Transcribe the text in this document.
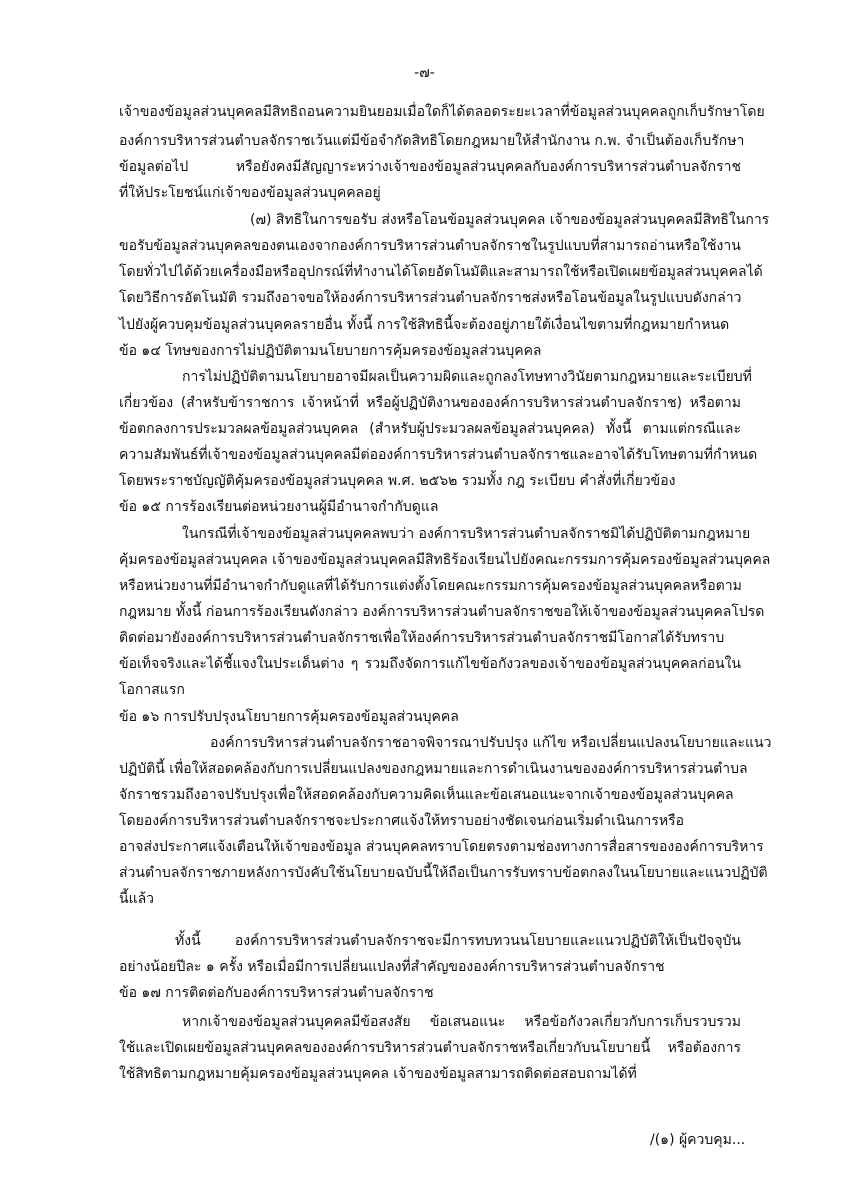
-๗-
เจ้าของข้อมูลส่วนบุคคลมีสิทธิถอนความยินยอมเมื่อใดก็ได้ตลอดระยะเวลาที่ข้อมูลส่วนบุคคลถูกเก็บรักษาโดย
องค์การบริหารส่วนตำบลจักราชเว้นแต่มีข้อจำกัดสิทธิโดยกฎหมายให้สำนักงาน ก.พ. จำเป็นต้องเก็บรักษา
ข้อมูลต่อไป หรือยังคงมีสัญญาระหว่างเจ้าของข้อมูลส่วนบุคคลกับองค์การบริหารส่วนตำบลจักราช
ที่ให้ประโยชน์แก่เจ้าของข้อมูลส่วนบุคคลอยู่
(๗) สิทธิในการขอรับ ส่งหรือโอนข้อมูลส่วนบุคคล เจ้าของข้อมูลส่วนบุคคลมีสิทธิในการ
ขอรับข้อมูลส่วนบุคคลของตนเองจากองค์การบริหารส่วนตำบลจักราชในรูปแบบที่สามารถอ่านหรือใช้งาน
โดยทั่วไปได้ด้วยเครื่องมือหรืออุปกรณ์ที่ทำงานได้โดยอัตโนมัติและสามารถใช้หรือเปิดเผยข้อมูลส่วนบุคคลได้
โดยวิธีการอัตโนมัติ รวมถึงอาจขอให้องค์การบริหารส่วนตำบลจักราชส่งหรือโอนข้อมูลในรูปแบบดังกล่าว
ไปยังผู้ควบคุมข้อมูลส่วนบุคคลรายอื่น ทั้งนี้ การใช้สิทธินี้จะต้องอยู่ภายใต้เงื่อนไขตามที่กฎหมายกำหนด
ข้อ ๑๔ โทษของการไม่ปฏิบัติตามนโยบายการคุ้มครองข้อมูลส่วนบุคคล
การไม่ปฏิบัติตามนโยบายอาจมีผลเป็นความผิดและถูกลงโทษทางวินัยตามกฎหมายและระเบียบที่
เกี่ยวข้อง (สำหรับข้าราชการ เจ้าหน้าที่ หรือผู้ปฏิบัติงานขององค์การบริหารส่วนตำบลจักราช) หรือตาม
ข้อตกลงการประมวลผลข้อมูลส่วนบุคคล (สำหรับผู้ประมวลผลข้อมูลส่วนบุคคล) ทั้งนี้ ตามแต่กรณีและ
ความสัมพันธ์ที่เจ้าของข้อมูลส่วนบุคคลมีต่อองค์การบริหารส่วนตำบลจักราชและอาจได้รับโทษตามที่กำหนด
โดยพระราชบัญญัติคุ้มครองข้อมูลส่วนบุคคล พ.ศ. ๒๕๖๒ รวมทั้ง กฎ ระเบียบ คำสั่งที่เกี่ยวข้อง
ข้อ ๑๕ การร้องเรียนต่อหน่วยงานผู้มีอำนาจกำกับดูแล
ในกรณีที่เจ้าของข้อมูลส่วนบุคคลพบว่า องค์การบริหารส่วนตำบลจักราชมิได้ปฏิบัติตามกฎหมาย
คุ้มครองข้อมูลส่วนบุคคล เจ้าของข้อมูลส่วนบุคคลมีสิทธิร้องเรียนไปยังคณะกรรมการคุ้มครองข้อมูลส่วนบุคคล
หรือหน่วยงานที่มีอำนาจกำกับดูแลที่ได้รับการแต่งตั้งโดยคณะกรรมการคุ้มครองข้อมูลส่วนบุคคลหรือตาม
กฎหมาย ทั้งนี้ ก่อนการร้องเรียนดังกล่าว องค์การบริหารส่วนตำบลจักราชขอให้เจ้าของข้อมูลส่วนบุคคลโปรด
ติดต่อมายังองค์การบริหารส่วนตำบลจักราชเพื่อให้องค์การบริหารส่วนตำบลจักราชมีโอกาสได้รับทราบ
ข้อเท็จจริงและได้ชี้แจงในประเด็นต่าง ๆ รวมถึงจัดการแก้ไขข้อกังวลของเจ้าของข้อมูลส่วนบุคคลก่อนใน
โอกาสแรก
ข้อ ๑๖ การปรับปรุงนโยบายการคุ้มครองข้อมูลส่วนบุคคล
องค์การบริหารส่วนตำบลจักราชอาจพิจารณาปรับปรุง แก้ไข หรือเปลี่ยนแปลงนโยบายและแนว
ปฏิบัตินี้ เพื่อให้สอดคล้องกับการเปลี่ยนแปลงของกฎหมายและการดำเนินงานขององค์การบริหารส่วนตำบล
จักราชรวมถึงอาจปรับปรุงเพื่อให้สอดคล้องกับความคิดเห็นและข้อเสนอแนะจากเจ้าของข้อมูลส่วนบุคคล
โดยองค์การบริหารส่วนตำบลจักราชจะประกาศแจ้งให้ทราบอย่างชัดเจนก่อนเริ่มดำเนินการหรือ
อาจส่งประกาศแจ้งเตือนให้เจ้าของข้อมูล ส่วนบุคคลทราบโดยตรงตามช่องทางการสื่อสารขององค์การบริหาร
ส่วนตำบลจักราชภายหลังการบังคับใช้นโยบายฉบับนี้ให้ถือเป็นการรับทราบข้อตกลงในนโยบายและแนวปฏิบัติ
นี้แล้ว
ทั้งนี้ องค์การบริหารส่วนตำบลจักราชจะมีการทบทวนนโยบายและแนวปฏิบัติให้เป็นปัจจุบัน
อย่างน้อยปีละ ๑ ครั้ง หรือเมื่อมีการเปลี่ยนแปลงที่สำคัญขององค์การบริหารส่วนตำบลจักราช
ข้อ ๑๗ การติดต่อกับองค์การบริหารส่วนตำบลจักราช
หากเจ้าของข้อมูลส่วนบุคคลมีข้อสงสัย ข้อเสนอแนะ หรือข้อกังวลเกี่ยวกับการเก็บรวบรวม
ใช้และเปิดเผยข้อมูลส่วนบุคคลขององค์การบริหารส่วนตำบลจักราชหรือเกี่ยวกับนโยบายนี้ หรือต้องการ
ใช้สิทธิตามกฎหมายคุ้มครองข้อมูลส่วนบุคคล เจ้าของข้อมูลสามารถติดต่อสอบถามได้ที่
/(๑) ผู้ควบคุม...
